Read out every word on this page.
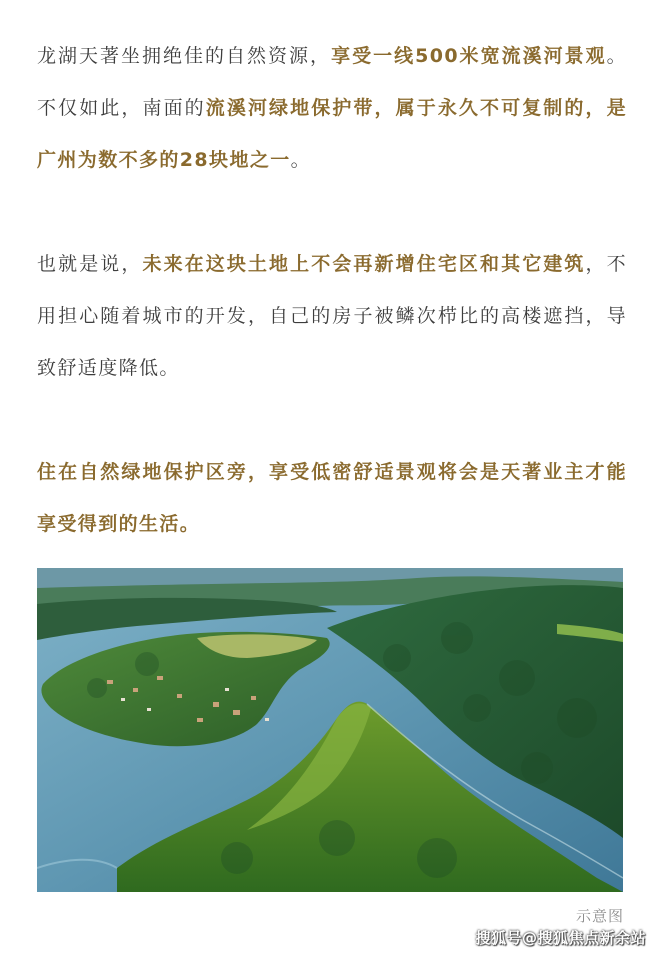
龙湖天著坐拥绝佳的自然资源，享受一线500米宽流溪河景观。不仅如此，南面的流溪河绿地保护带，属于永久不可复制的，是广州为数不多的28块地之一。

也就是说，未来在这块土地上不会再新增住宅区和其它建筑，不用担心随着城市的开发，自己的房子被鳞次栉比的高楼遮挡，导致舒适度降低。

住在自然绿地保护区旁，享受低密舒适景观将会是天著业主才能享受得到的生活。

示意图
搜狐号@搜狐焦点新余站
